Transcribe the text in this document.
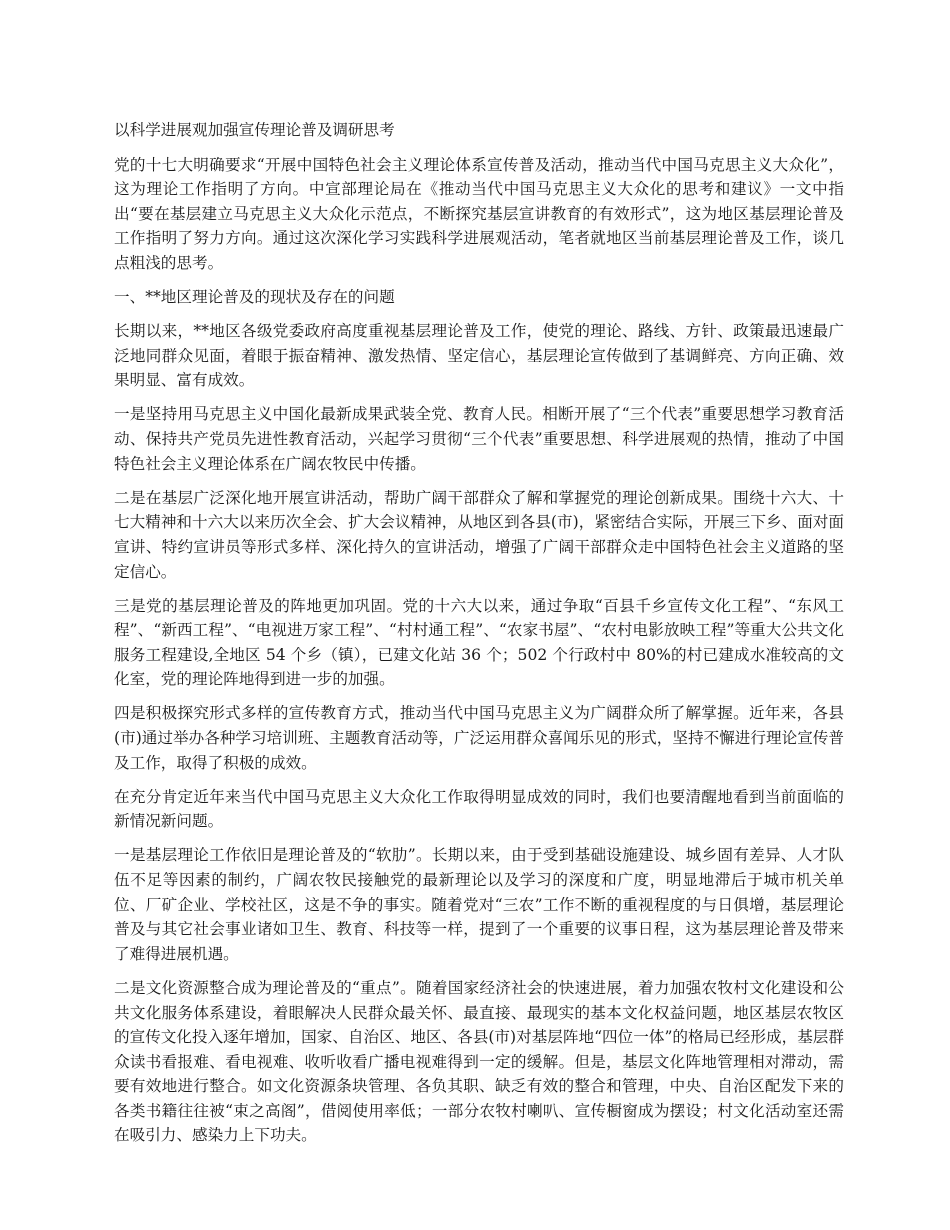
以科学进展观加强宣传理论普及调研思考

党的十七大明确要求“开展中国特色社会主义理论体系宣传普及活动，推动当代中国马克思主义大众化”，这为理论工作指明了方向。中宣部理论局在《推动当代中国马克思主义大众化的思考和建议》一文中指出“要在基层建立马克思主义大众化示范点，不断探究基层宣讲教育的有效形式”，这为地区基层理论普及工作指明了努力方向。通过这次深化学习实践科学进展观活动，笔者就地区当前基层理论普及工作，谈几点粗浅的思考。

一、**地区理论普及的现状及存在的问题

长期以来，**地区各级党委政府高度重视基层理论普及工作，使党的理论、路线、方针、政策最迅速最广泛地同群众见面，着眼于振奋精神、激发热情、坚定信心，基层理论宣传做到了基调鲜亮、方向正确、效果明显、富有成效。

一是坚持用马克思主义中国化最新成果武装全党、教育人民。相断开展了“三个代表”重要思想学习教育活动、保持共产党员先进性教育活动，兴起学习贯彻“三个代表”重要思想、科学进展观的热情，推动了中国特色社会主义理论体系在广阔农牧民中传播。

二是在基层广泛深化地开展宣讲活动，帮助广阔干部群众了解和掌握党的理论创新成果。围绕十六大、十七大精神和十六大以来历次全会、扩大会议精神，从地区到各县(市)，紧密结合实际，开展三下乡、面对面宣讲、特约宣讲员等形式多样、深化持久的宣讲活动，增强了广阔干部群众走中国特色社会主义道路的坚定信心。

三是党的基层理论普及的阵地更加巩固。党的十六大以来，通过争取“百县千乡宣传文化工程”、“东风工程”、“新西工程”、“电视进万家工程”、“村村通工程”、“农家书屋”、“农村电影放映工程”等重大公共文化服务工程建设,全地区 54 个乡（镇），已建文化站 36 个；502 个行政村中 80%的村已建成水准较高的文化室，党的理论阵地得到进一步的加强。

四是积极探究形式多样的宣传教育方式，推动当代中国马克思主义为广阔群众所了解掌握。近年来，各县(市)通过举办各种学习培训班、主题教育活动等，广泛运用群众喜闻乐见的形式，坚持不懈进行理论宣传普及工作，取得了积极的成效。

在充分肯定近年来当代中国马克思主义大众化工作取得明显成效的同时，我们也要清醒地看到当前面临的新情况新问题。

一是基层理论工作依旧是理论普及的“软肋”。长期以来，由于受到基础设施建设、城乡固有差异、人才队伍不足等因素的制约，广阔农牧民接触党的最新理论以及学习的深度和广度，明显地滞后于城市机关单位、厂矿企业、学校社区，这是不争的事实。随着党对“三农”工作不断的重视程度的与日俱增，基层理论普及与其它社会事业诸如卫生、教育、科技等一样，提到了一个重要的议事日程，这为基层理论普及带来了难得进展机遇。

二是文化资源整合成为理论普及的“重点”。随着国家经济社会的快速进展，着力加强农牧村文化建设和公共文化服务体系建设，着眼解决人民群众最关怀、最直接、最现实的基本文化权益问题，地区基层农牧区的宣传文化投入逐年增加，国家、自治区、地区、各县(市)对基层阵地“四位一体”的格局已经形成，基层群众读书看报难、看电视难、收听收看广播电视难得到一定的缓解。但是，基层文化阵地管理相对滞动，需要有效地进行整合。如文化资源条块管理、各负其职、缺乏有效的整合和管理，中央、自治区配发下来的各类书籍往往被“束之高阁”，借阅使用率低；一部分农牧村喇叭、宣传橱窗成为摆设；村文化活动室还需在吸引力、感染力上下功夫。
